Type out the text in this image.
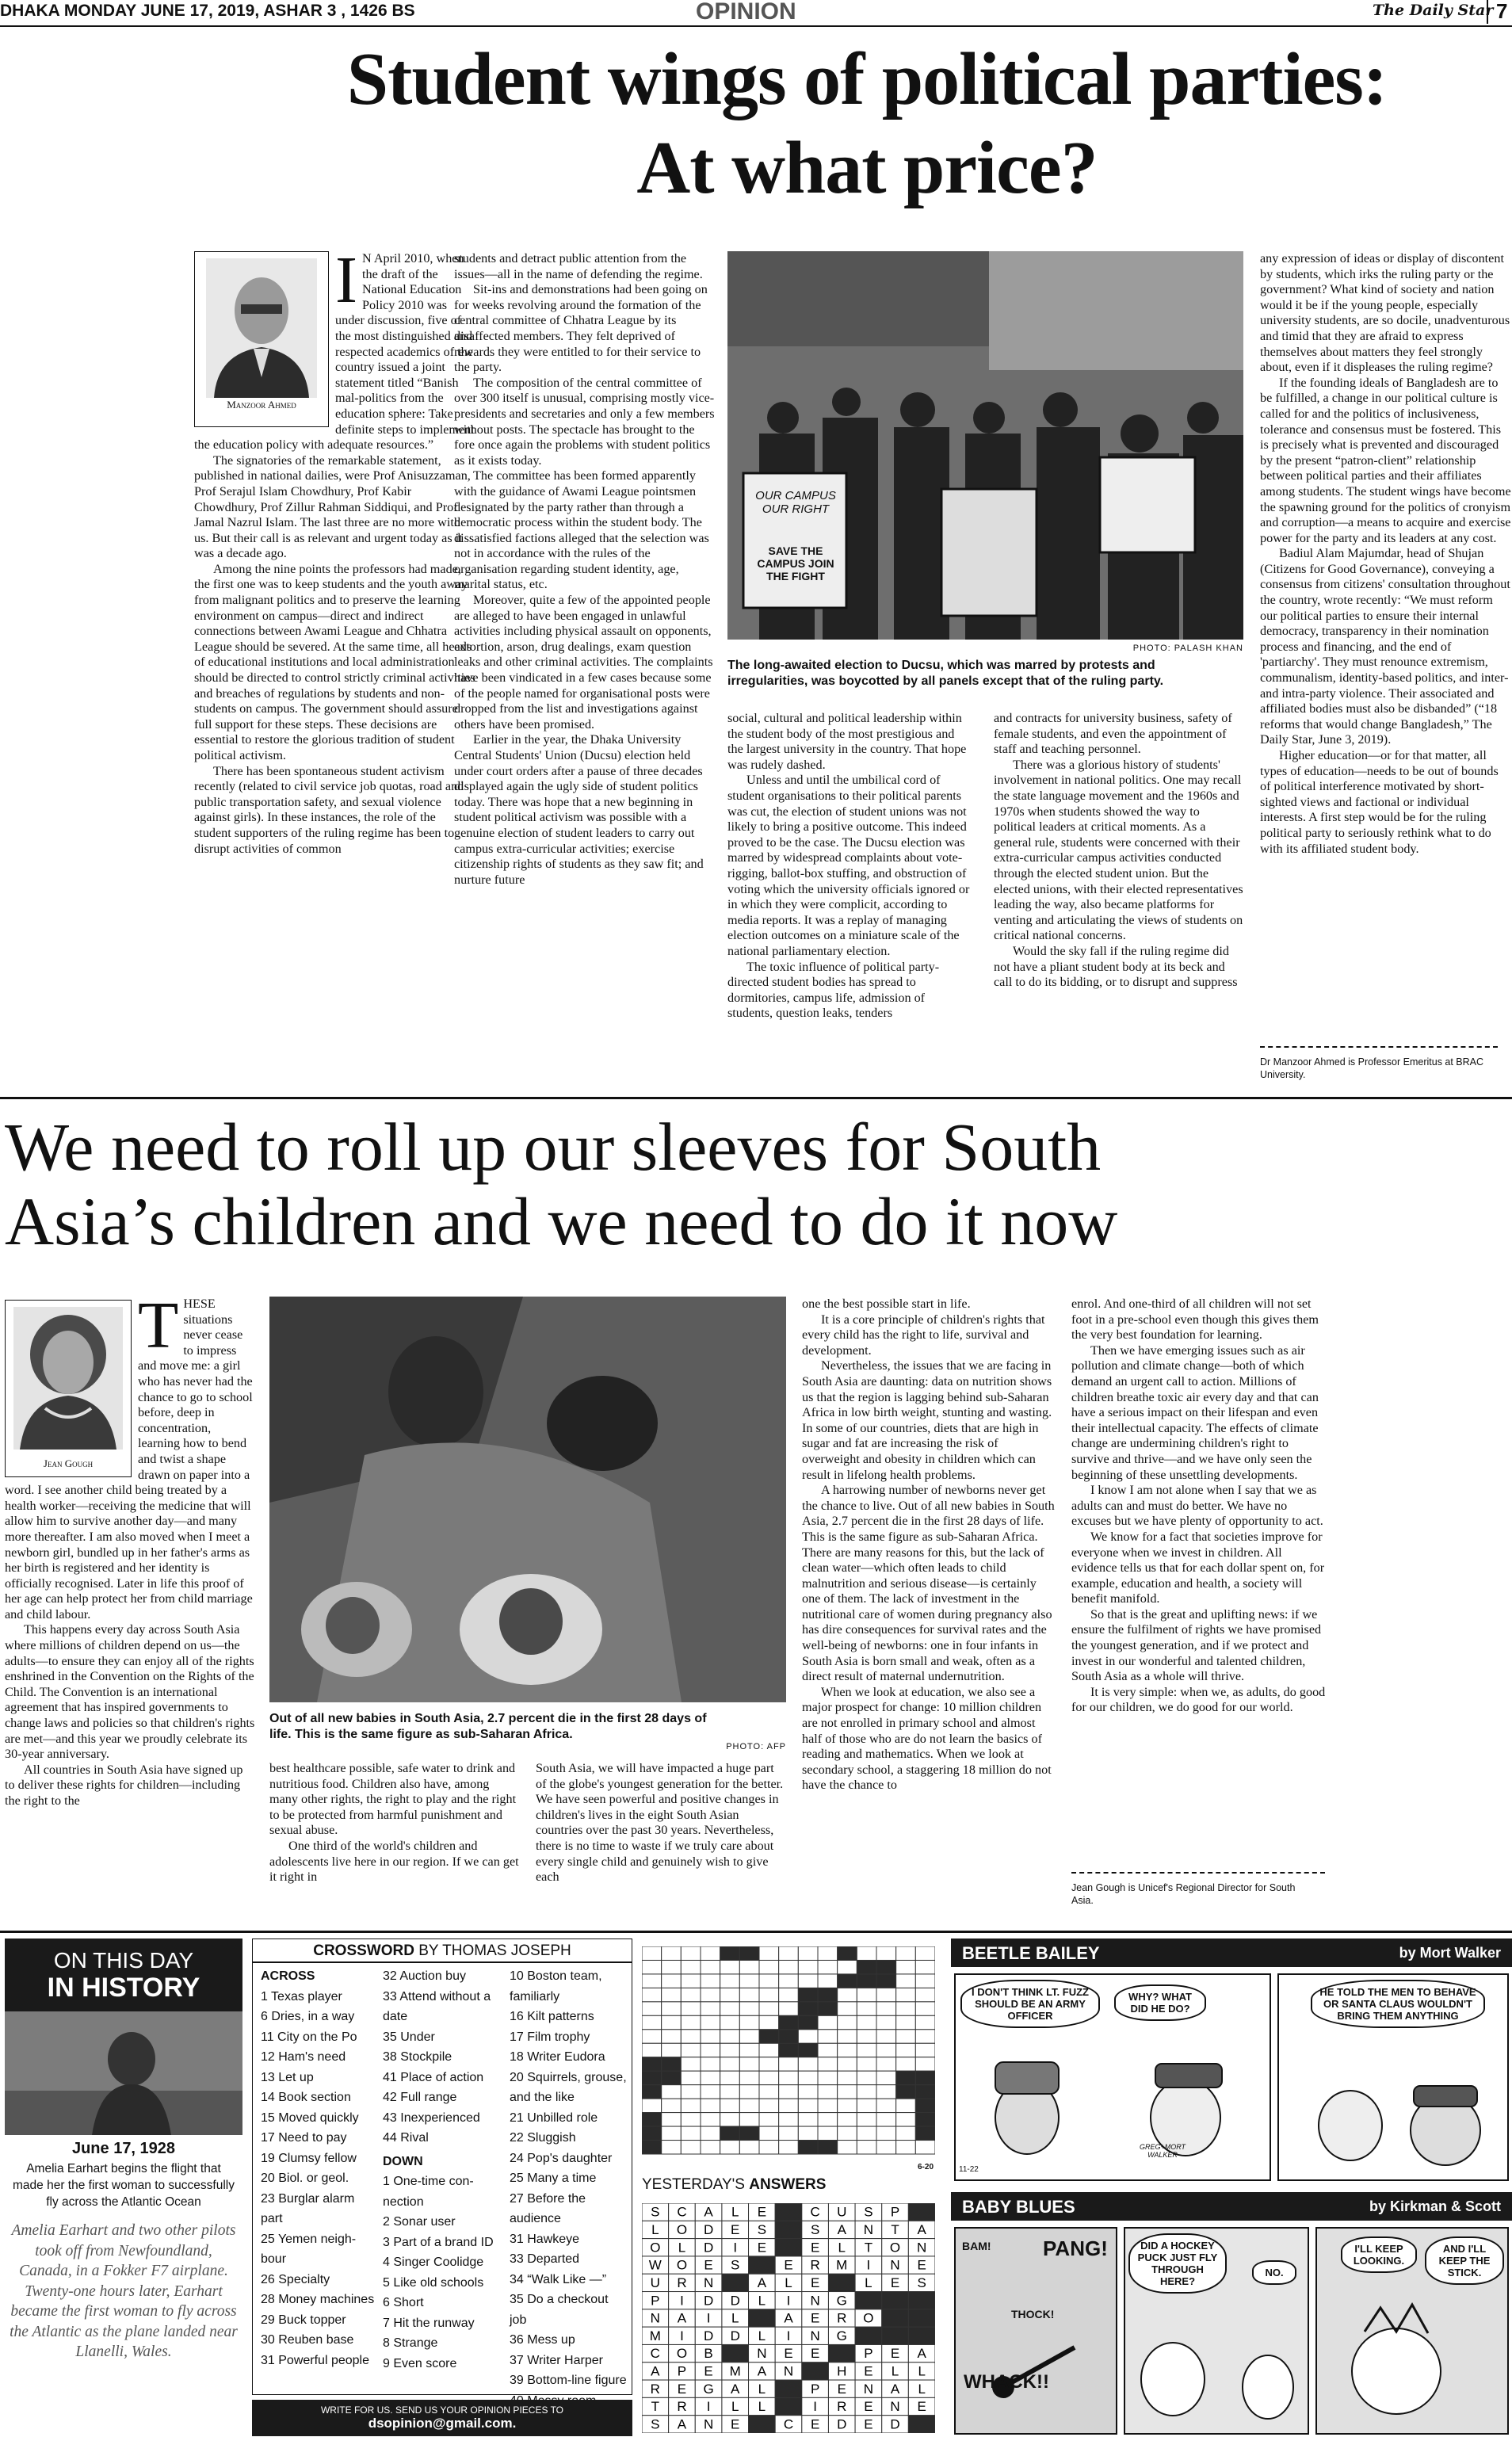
DHAKA MONDAY JUNE 17, 2019, ASHAR 3 , 1426 BS	OPINION	The Daily Star 7
Student wings of political parties:
At what price?
Manzoor Ahmed
I N April 2010, when the draft of the National Education Policy 2010 was under discussion, five of the most distinguished and respected academics of the country issued a joint statement titled “Banish mal-politics from the education sphere: Take definite steps to implement the education policy with adequate resources.”

The signatories of the remarkable statement, published in national dailies, were Prof Anisuzzaman, Prof Serajul Islam Chowdhury, Prof Kabir Chowdhury, Prof Zillur Rahman Siddiqui, and Prof Jamal Nazrul Islam. The last three are no more with us. But their call is as relevant and urgent today as it was a decade ago.

Among the nine points the professors had made, the first one was to keep students and the youth away from malignant politics and to preserve the learning environment on campus—direct and indirect connections between Awami League and Chhatra League should be severed. At the same time, all heads of educational institutions and local administration should be directed to control strictly criminal activities and breaches of regulations by students and non-students on campus. The government should assure full support for these steps. These decisions are essential to restore the glorious tradition of student political activism.

There has been spontaneous student activism recently (related to civil service job quotas, road and public transportation safety, and sexual violence against girls). In these instances, the role of the student supporters of the ruling regime has been to disrupt activities of common

students and detract public attention from the issues—all in the name of defending the regime.

Sit-ins and demonstrations had been going on for weeks revolving around the formation of the central committee of Chhatra League by its disaffected members. They felt deprived of rewards they were entitled to for their service to the party.

The composition of the central committee of over 300 itself is unusual, comprising mostly vice-presidents and secretaries and only a few members without posts. The spectacle has brought to the fore once again the problems with student politics as it exists today.

The committee has been formed apparently with the guidance of Awami League pointsmen designated by the party rather than through a democratic process within the student body. The dissatisfied factions alleged that the selection was not in accordance with the rules of the organisation regarding student identity, age, marital status, etc.

Moreover, quite a few of the appointed people are alleged to have been engaged in unlawful activities including physical assault on opponents, extortion, arson, drug dealings, exam question leaks and other criminal activities. The complaints have been vindicated in a few cases because some of the people named for organisational posts were dropped from the list and investigations against others have been promised.

Earlier in the year, the Dhaka University Central Students' Union (Ducsu) election held under court orders after a pause of three decades displayed again the ugly side of student politics today. There was hope that a new beginning in student political activism was possible with a genuine election of student leaders to carry out campus extra-curricular activities; exercise citizenship rights of students as they saw fit; and nurture future

OUR CAMPUS OUR RIGHT
SAVE THE CAMPUS JOIN THE FIGHT
PHOTO: PALASH KHAN
The long-awaited election to Ducsu, which was marred by protests and irregularities, was boycotted by all panels except that of the ruling party.

social, cultural and political leadership within the student body of the most prestigious and the largest university in the country. That hope was rudely dashed.

Unless and until the umbilical cord of student organisations to their political parents was cut, the election of student unions was not likely to bring a positive outcome. This indeed proved to be the case. The Ducsu election was marred by widespread complaints about vote-rigging, ballot-box stuffing, and obstruction of voting which the university officials ignored or in which they were complicit, according to media reports. It was a replay of managing election outcomes on a miniature scale of the national parliamentary election.

The toxic influence of political party-directed student bodies has spread to dormitories, campus life, admission of students, question leaks, tenders

and contracts for university business, safety of female students, and even the appointment of staff and teaching personnel.

There was a glorious history of students' involvement in national politics. One may recall the state language movement and the 1960s and 1970s when students showed the way to political leaders at critical moments. As a general rule, students were concerned with their extra-curricular campus activities conducted through the elected student union. But the elected unions, with their elected representatives leading the way, also became platforms for venting and articulating the views of students on critical national concerns.

Would the sky fall if the ruling regime did not have a pliant student body at its beck and call to do its bidding, or to disrupt and suppress

any expression of ideas or display of discontent by students, which irks the ruling party or the government? What kind of society and nation would it be if the young people, especially university students, are so docile, unadventurous and timid that they are afraid to express themselves about matters they feel strongly about, even if it displeases the ruling regime?

If the founding ideals of Bangladesh are to be fulfilled, a change in our political culture is called for and the politics of inclusiveness, tolerance and consensus must be fostered. This is precisely what is prevented and discouraged by the present “patron-client” relationship between political parties and their affiliates among students. The student wings have become the spawning ground for the politics of cronyism and corruption—a means to acquire and exercise power for the party and its leaders at any cost.

Badiul Alam Majumdar, head of Shujan (Citizens for Good Governance), conveying a consensus from citizens' consultation throughout the country, wrote recently: “We must reform our political parties to ensure their internal democracy, transparency in their nomination process and financing, and the end of 'partiarchy'. They must renounce extremism, communalism, identity-based politics, and inter- and intra-party violence. Their associated and affiliated bodies must also be disbanded” (“18 reforms that would change Bangladesh,” The Daily Star, June 3, 2019).

Higher education—or for that matter, all types of education—needs to be out of bounds of political interference motivated by short-sighted views and factional or individual interests. A first step would be for the ruling political party to seriously rethink what to do with its affiliated student body.

Dr Manzoor Ahmed is Professor Emeritus at BRAC University.
We need to roll up our sleeves for South
Asia’s children and we need to do it now
Jean Gough
T HESE situations never cease to impress and move me: a girl who has never had the chance to go to school before, deep in concentration, learning how to bend and twist a shape drawn on paper into a word. I see another child being treated by a health worker—receiving the medicine that will allow him to survive another day—and many more thereafter. I am also moved when I meet a newborn girl, bundled up in her father's arms as her birth is registered and her identity is officially recognised. Later in life this proof of her age can help protect her from child marriage and child labour.

This happens every day across South Asia where millions of children depend on us—the adults—to ensure they can enjoy all of the rights enshrined in the Convention on the Rights of the Child. The Convention is an international agreement that has inspired governments to change laws and policies so that children's rights are met—and this year we proudly celebrate its 30-year anniversary.

All countries in South Asia have signed up to deliver these rights for children—including the right to the

PHOTO: AFP
Out of all new babies in South Asia, 2.7 percent die in the first 28 days of life. This is the same figure as sub-Saharan Africa.

best healthcare possible, safe water to drink and nutritious food. Children also have, among many other rights, the right to play and the right to be protected from harmful punishment and sexual abuse.

One third of the world's children and adolescents live here in our region. If we can get it right in

South Asia, we will have impacted a huge part of the globe's youngest generation for the better. We have seen powerful and positive changes in children's lives in the eight South Asian countries over the past 30 years. Nevertheless, there is no time to waste if we truly care about every single child and genuinely wish to give each

one the best possible start in life.

It is a core principle of children's rights that every child has the right to life, survival and development.

Nevertheless, the issues that we are facing in South Asia are daunting: data on nutrition shows us that the region is lagging behind sub-Saharan Africa in low birth weight, stunting and wasting. In some of our countries, diets that are high in sugar and fat are increasing the risk of overweight and obesity in children which can result in lifelong health problems.

A harrowing number of newborns never get the chance to live. Out of all new babies in South Asia, 2.7 percent die in the first 28 days of life. This is the same figure as sub-Saharan Africa. There are many reasons for this, but the lack of clean water—which often leads to child malnutrition and serious disease—is certainly one of them. The lack of investment in the nutritional care of women during pregnancy also has dire consequences for survival rates and the well-being of newborns: one in four infants in South Asia is born small and weak, often as a direct result of maternal undernutrition.

When we look at education, we also see a major prospect for change: 10 million children are not enrolled in primary school and almost half of those who are do not learn the basics of reading and mathematics. When we look at secondary school, a staggering 18 million do not have the chance to

enrol. And one-third of all children will not set foot in a pre-school even though this gives them the very best foundation for learning.

Then we have emerging issues such as air pollution and climate change—both of which demand an urgent call to action. Millions of children breathe toxic air every day and that can have a serious impact on their lifespan and even their intellectual capacity. The effects of climate change are undermining children's right to survive and thrive—and we have only seen the beginning of these unsettling developments.

I know I am not alone when I say that we as adults can and must do better. We have no excuses but we have plenty of opportunity to act.

We know for a fact that societies improve for everyone when we invest in children. All evidence tells us that for each dollar spent on, for example, education and health, a society will benefit manifold.

So that is the great and uplifting news: if we ensure the fulfilment of rights we have promised the youngest generation, and if we protect and invest in our wonderful and talented children, South Asia as a whole will thrive.

It is very simple: when we, as adults, do good for our children, we do good for our world.

Jean Gough is Unicef's Regional Director for South Asia.
ON THIS DAY
IN HISTORY
June 17, 1928
Amelia Earhart begins the flight that made her the first woman to successfully fly across the Atlantic Ocean
Amelia Earhart and two other pilots took off from Newfoundland, Canada, in a Fokker F7 airplane. Twenty-one hours later, Earhart became the first woman to fly across the Atlantic as the plane landed near Llanelli, Wales.
CROSSWORD BY THOMAS JOSEPH
ACROSS
1 Texas player
6 Dries, in a way
11 City on the Po
12 Ham's need
13 Let up
14 Book section
15 Moved quickly
17 Need to pay
19 Clumsy fellow
20 Biol. or geol.
23 Burglar alarm part
25 Yemen neigh-bour
26 Specialty
28 Money machines
29 Buck topper
30 Reuben base
31 Powerful people
32 Auction buy
33 Attend without a date
35 Under
38 Stockpile
41 Place of action
42 Full range
43 Inexperienced
44 Rival
DOWN
1 One-time con-nection
2 Sonar user
3 Part of a brand ID
4 Singer Coolidge
5 Like old schools
6 Short
7 Hit the runway
8 Strange
9 Even score
10 Boston team, familiarly
16 Kilt patterns
17 Film trophy
18 Writer Eudora
20 Squirrels, grouse, and the like
21 Unbilled role
22 Sluggish
24 Pop's daughter
25 Many a time
27 Before the audience
31 Hawkeye
33 Departed
34 “Walk Like —”
35 Do a checkout job
36 Mess up
37 Writer Harper
39 Bottom-line figure
6-20
YESTERDAY'S ANSWERS
S C A L E	C U S P
L O D E S	S A N T A
O L D I E	E L T O N
W O E S	E R M I N E
U R N	A L E	L E S
P I D D L I N G
N A I L	A E R O
M I D D L I N G
C O B	N E E	P E A
A P E M A N	H E L L
R E G A L	P E N A L
T R I L L	I R E N E
S A N E	C E D E D
WRITE FOR US. SEND US YOUR OPINION PIECES TO
dsopinion@gmail.com.
BEETLE BAILEY	by Mort Walker
I DON'T THINK LT. FUZZ SHOULD BE AN ARMY OFFICER
WHY? WHAT DID HE DO?
GREG+MORT WALKER
11-22
HE TOLD THE MEN TO BEHAVE OR SANTA CLAUS WOULDN'T BRING THEM ANYTHING
BABY BLUES	by Kirkman & Scott
BAM!	PANG!
THOCK!
WHACK!!
DID A HOCKEY PUCK JUST FLY THROUGH HERE?
NO.
I'LL KEEP LOOKING.
AND I'LL KEEP THE STICK.
